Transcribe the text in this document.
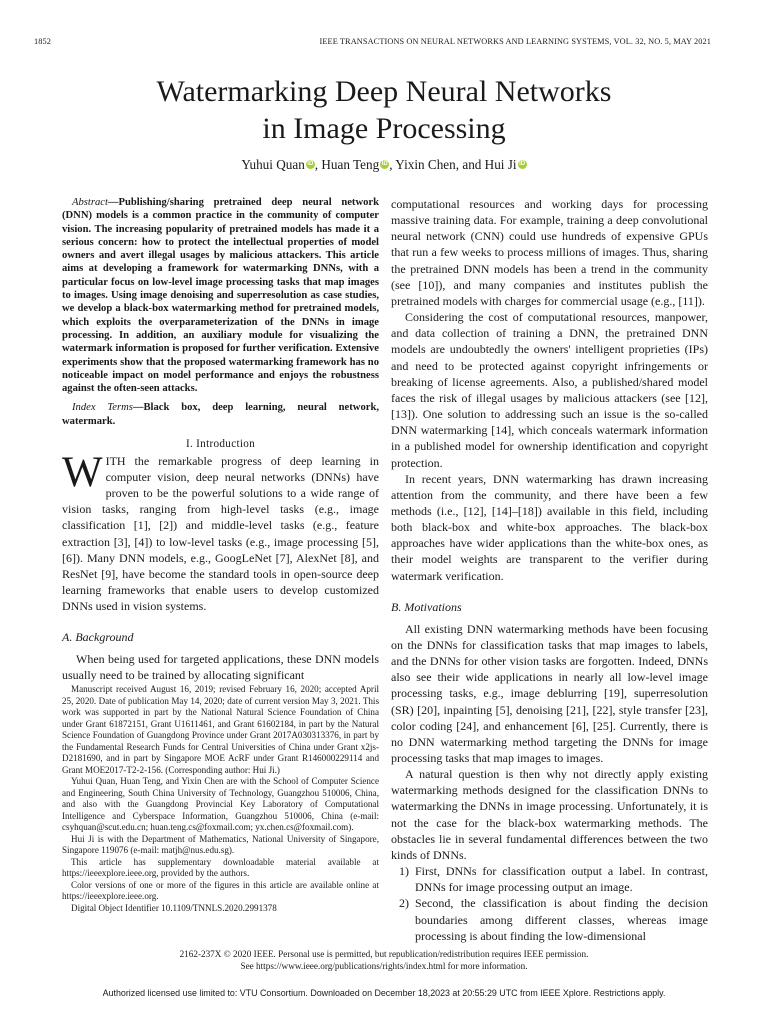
1852	IEEE TRANSACTIONS ON NEURAL NETWORKS AND LEARNING SYSTEMS, VOL. 32, NO. 5, MAY 2021
Watermarking Deep Neural Networks
in Image Processing
Yuhui Quan iD , Huan Teng iD , Yixin Chen, and Hui Ji iD

Abstract—Publishing/sharing pretrained deep neural network (DNN) models is a common practice in the community of computer vision. The increasing popularity of pretrained models has made it a serious concern: how to protect the intellectual properties of model owners and avert illegal usages by malicious attackers. This article aims at developing a framework for watermarking DNNs, with a particular focus on low-level image processing tasks that map images to images. Using image denoising and superresolution as case studies, we develop a black-box watermarking method for pretrained models, which exploits the overparameterization of the DNNs in image processing. In addition, an auxiliary module for visualizing the watermark information is proposed for further verification. Extensive experiments show that the proposed watermarking framework has no noticeable impact on model performance and enjoys the robustness against the often-seen attacks.

Index Terms—Black box, deep learning, neural network, watermark.

I. Introduction

WITH the remarkable progress of deep learning in computer vision, deep neural networks (DNNs) have proven to be the powerful solutions to a wide range of vision tasks, ranging from high-level tasks (e.g., image classification [1], [2]) and middle-level tasks (e.g., feature extraction [3], [4]) to low-level tasks (e.g., image processing [5], [6]). Many DNN models, e.g., GoogLeNet [7], AlexNet [8], and ResNet [9], have become the standard tools in open-source deep learning frameworks that enable users to develop customized DNNs used in vision systems.

A. Background

When being used for targeted applications, these DNN models usually need to be trained by allocating significant

Manuscript received August 16, 2019; revised February 16, 2020; accepted April 25, 2020. Date of publication May 14, 2020; date of current version May 3, 2021. This work was supported in part by the National Natural Science Foundation of China under Grant 61872151, Grant U1611461, and Grant 61602184, in part by the Natural Science Foundation of Guangdong Province under Grant 2017A030313376, in part by the Fundamental Research Funds for Central Universities of China under Grant x2js-D2181690, and in part by Singapore MOE AcRF under Grant R146000229114 and Grant MOE2017-T2-2-156. (Corresponding author: Hui Ji.)

Yuhui Quan, Huan Teng, and Yixin Chen are with the School of Computer Science and Engineering, South China University of Technology, Guangzhou 510006, China, and also with the Guangdong Provincial Key Laboratory of Computational Intelligence and Cyberspace Information, Guangzhou 510006, China (e-mail: csyhquan@scut.edu.cn; huan.teng.cs@foxmail.com; yx.chen.cs@foxmail.com).

Hui Ji is with the Department of Mathematics, National University of Singapore, Singapore 119076 (e-mail: matjh@nus.edu.sg).

This article has supplementary downloadable material available at https://ieeexplore.ieee.org, provided by the authors.

Color versions of one or more of the figures in this article are available online at https://ieeexplore.ieee.org.

Digital Object Identifier 10.1109/TNNLS.2020.2991378

computational resources and working days for processing massive training data. For example, training a deep convolutional neural network (CNN) could use hundreds of expensive GPUs that run a few weeks to process millions of images. Thus, sharing the pretrained DNN models has been a trend in the community (see [10]), and many companies and institutes publish the pretrained models with charges for commercial usage (e.g., [11]).

Considering the cost of computational resources, manpower, and data collection of training a DNN, the pretrained DNN models are undoubtedly the owners' intelligent proprieties (IPs) and need to be protected against copyright infringements or breaking of license agreements. Also, a published/shared model faces the risk of illegal usages by malicious attackers (see [12], [13]). One solution to addressing such an issue is the so-called DNN watermarking [14], which conceals watermark information in a published model for ownership identification and copyright protection.

In recent years, DNN watermarking has drawn increasing attention from the community, and there have been a few methods (i.e., [12], [14]–[18]) available in this field, including both black-box and white-box approaches. The black-box approaches have wider applications than the white-box ones, as their model weights are transparent to the verifier during watermark verification.

B. Motivations

All existing DNN watermarking methods have been focusing on the DNNs for classification tasks that map images to labels, and the DNNs for other vision tasks are forgotten. Indeed, DNNs also see their wide applications in nearly all low-level image processing tasks, e.g., image deblurring [19], superresolution (SR) [20], inpainting [5], denoising [21], [22], style transfer [23], color coding [24], and enhancement [6], [25]. Currently, there is no DNN watermarking method targeting the DNNs for image processing tasks that map images to images.

A natural question is then why not directly apply existing watermarking methods designed for the classification DNNs to watermarking the DNNs in image processing. Unfortunately, it is not the case for the black-box watermarking methods. The obstacles lie in several fundamental differences between the two kinds of DNNs.

1) First, DNNs for classification output a label. In contrast, DNNs for image processing output an image.
2) Second, the classification is about finding the decision boundaries among different classes, whereas image processing is about finding the low-dimensional
2162-237X © 2020 IEEE. Personal use is permitted, but republication/redistribution requires IEEE permission.
See https://www.ieee.org/publications/rights/index.html for more information.
Authorized licensed use limited to: VTU Consortium. Downloaded on December 18,2023 at 20:55:29 UTC from IEEE Xplore. Restrictions apply.
